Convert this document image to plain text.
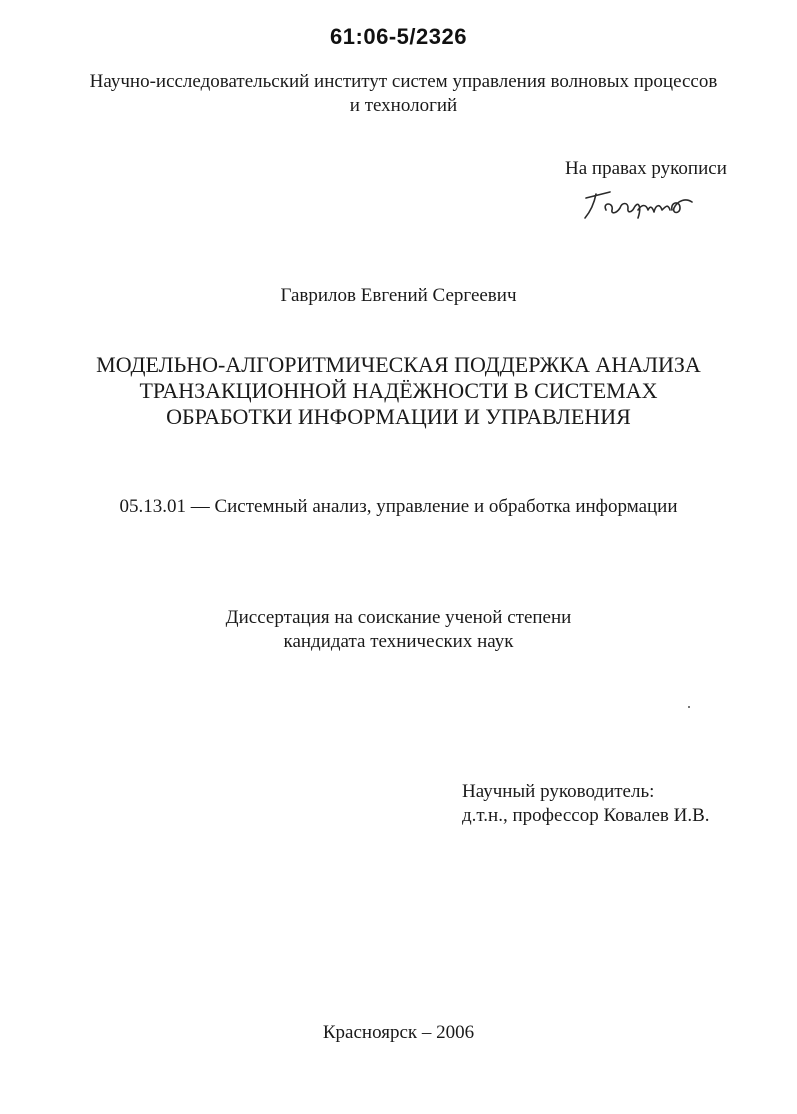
61:06-5/2326
Научно-исследовательский институт систем управления волновых процессов
и технологий
На правах рукописи
Гаврилов Евгений Сергеевич
МОДЕЛЬНО-АЛГОРИТМИЧЕСКАЯ ПОДДЕРЖКА АНАЛИЗА
ТРАНЗАКЦИОННОЙ НАДЁЖНОСТИ В СИСТЕМАХ
ОБРАБОТКИ ИНФОРМАЦИИ И УПРАВЛЕНИЯ
05.13.01 — Системный анализ, управление и обработка информации
Диссертация на соискание ученой степени
кандидата технических наук
Научный руководитель:
д.т.н., профессор Ковалев И.В.
Красноярск – 2006
